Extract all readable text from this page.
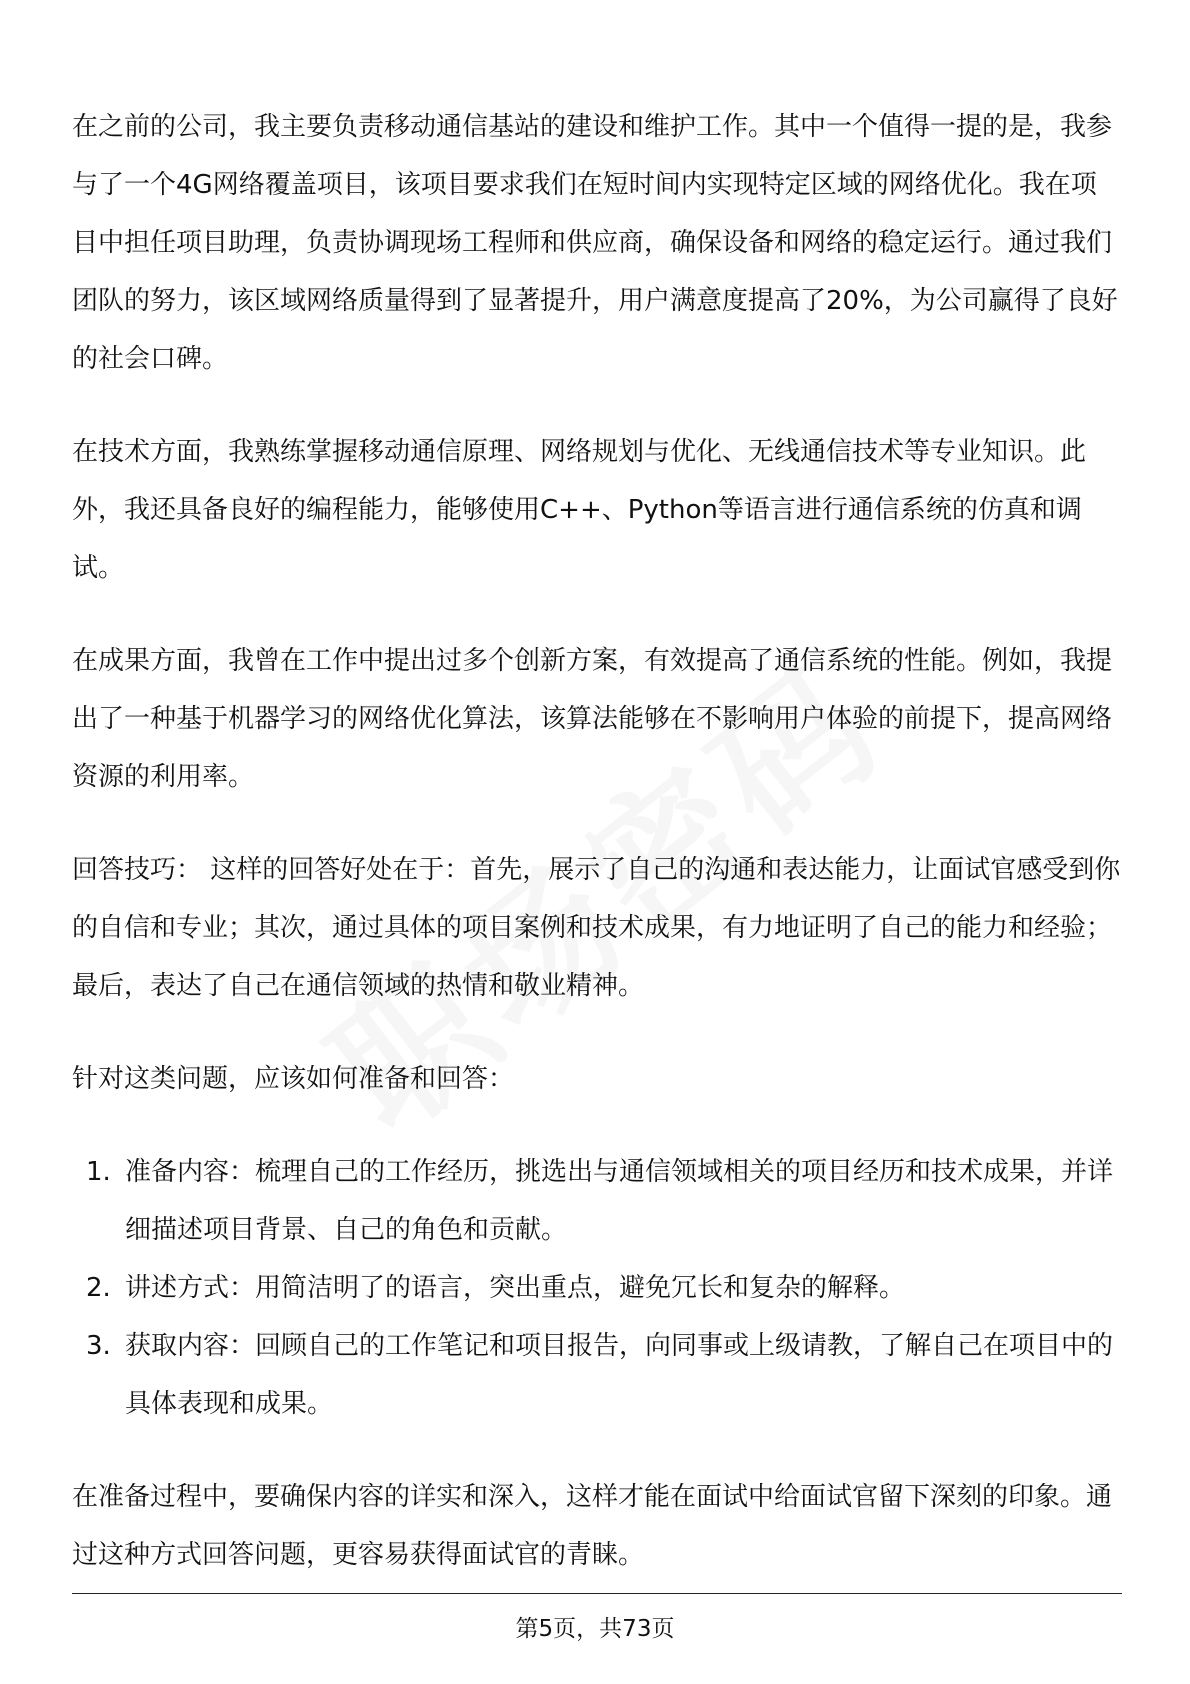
在之前的公司，我主要负责移动通信基站的建设和维护工作。其中一个值得一提的是，我参与了一个4G网络覆盖项目，该项目要求我们在短时间内实现特定区域的网络优化。我在项目中担任项目助理，负责协调现场工程师和供应商，确保设备和网络的稳定运行。通过我们团队的努力，该区域网络质量得到了显著提升，用户满意度提高了20%，为公司赢得了良好的社会口碑。

在技术方面，我熟练掌握移动通信原理、网络规划与优化、无线通信技术等专业知识。此外，我还具备良好的编程能力，能够使用C++、Python等语言进行通信系统的仿真和调试。

在成果方面，我曾在工作中提出过多个创新方案，有效提高了通信系统的性能。例如，我提出了一种基于机器学习的网络优化算法，该算法能够在不影响用户体验的前提下，提高网络资源的利用率。

回答技巧： 这样的回答好处在于：首先，展示了自己的沟通和表达能力，让面试官感受到你的自信和专业；其次，通过具体的项目案例和技术成果，有力地证明了自己的能力和经验；最后，表达了自己在通信领域的热情和敬业精神。

针对这类问题，应该如何准备和回答：

1. 准备内容：梳理自己的工作经历，挑选出与通信领域相关的项目经历和技术成果，并详细描述项目背景、自己的角色和贡献。
2. 讲述方式：用简洁明了的语言，突出重点，避免冗长和复杂的解释。
3. 获取内容：回顾自己的工作笔记和项目报告，向同事或上级请教，了解自己在项目中的具体表现和成果。

在准备过程中，要确保内容的详实和深入，这样才能在面试中给面试官留下深刻的印象。通过这种方式回答问题，更容易获得面试官的青睐。

第5页，共73页
